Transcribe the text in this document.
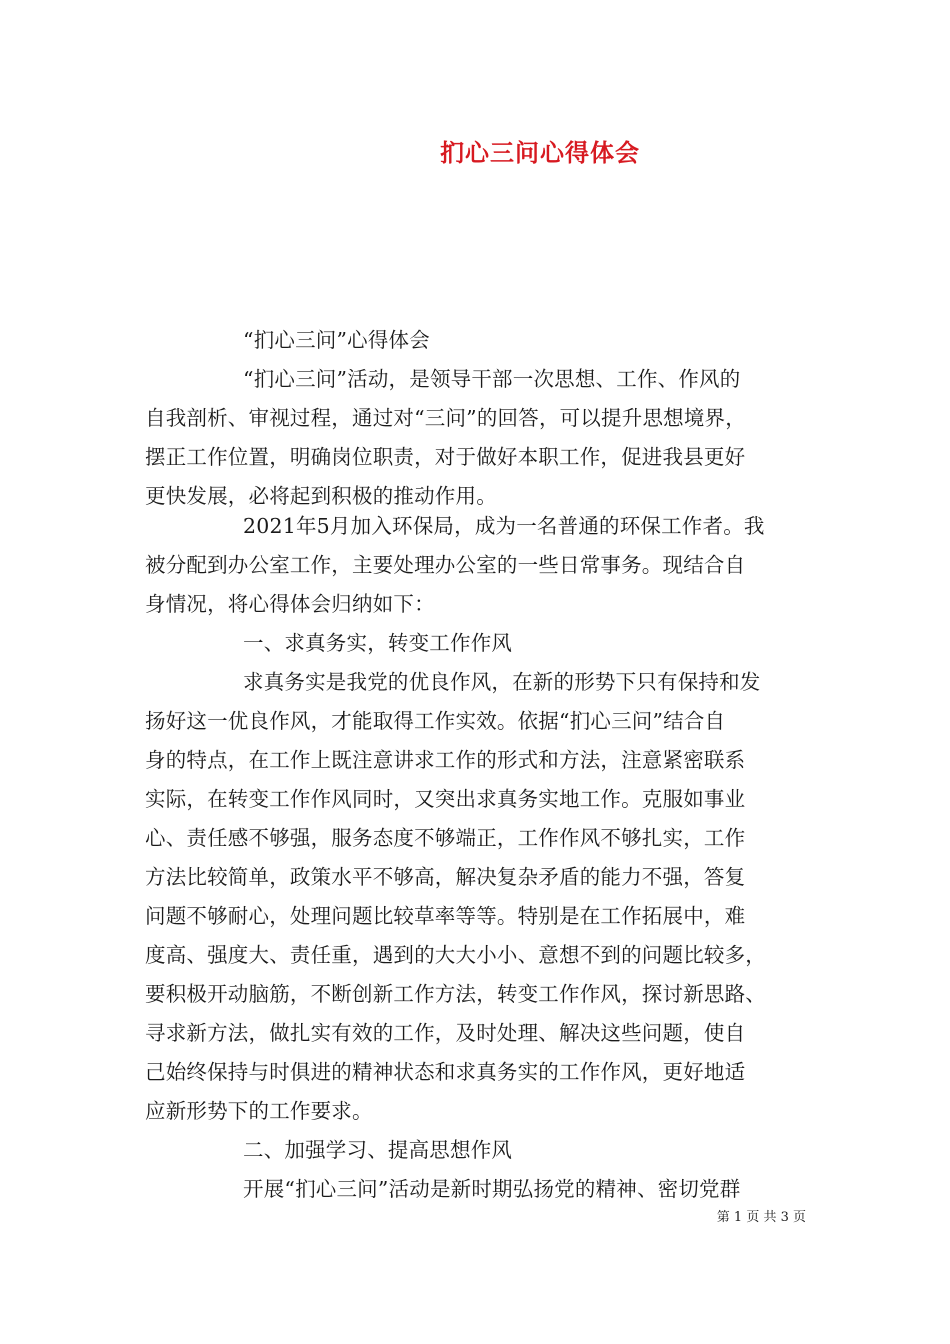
扪心三问心得体会
“扪心三问”心得体会
“扪心三问”活动，是领导干部一次思想、工作、作风的
自我剖析、审视过程，通过对“三问”的回答，可以提升思想境界，
摆正工作位置，明确岗位职责，对于做好本职工作，促进我县更好
更快发展，必将起到积极的推动作用。
2021年5月加入环保局，成为一名普通的环保工作者。我
被分配到办公室工作，主要处理办公室的一些日常事务。现结合自
身情况，将心得体会归纳如下：
一、求真务实，转变工作作风
求真务实是我党的优良作风，在新的形势下只有保持和发
扬好这一优良作风，才能取得工作实效。依据“扪心三问”结合自
身的特点，在工作上既注意讲求工作的形式和方法，注意紧密联系
实际，在转变工作作风同时，又突出求真务实地工作。克服如事业
心、责任感不够强，服务态度不够端正，工作作风不够扎实，工作
方法比较简单，政策水平不够高，解决复杂矛盾的能力不强，答复
问题不够耐心，处理问题比较草率等等。特别是在工作拓展中，难
度高、强度大、责任重，遇到的大大小小、意想不到的问题比较多，
要积极开动脑筋，不断创新工作方法，转变工作作风，探讨新思路、
寻求新方法，做扎实有效的工作，及时处理、解决这些问题，使自
己始终保持与时俱进的精神状态和求真务实的工作作风，更好地适
应新形势下的工作要求。
二、加强学习、提高思想作风
开展“扪心三问”活动是新时期弘扬党的精神、密切党群
第 1 页 共 3 页
